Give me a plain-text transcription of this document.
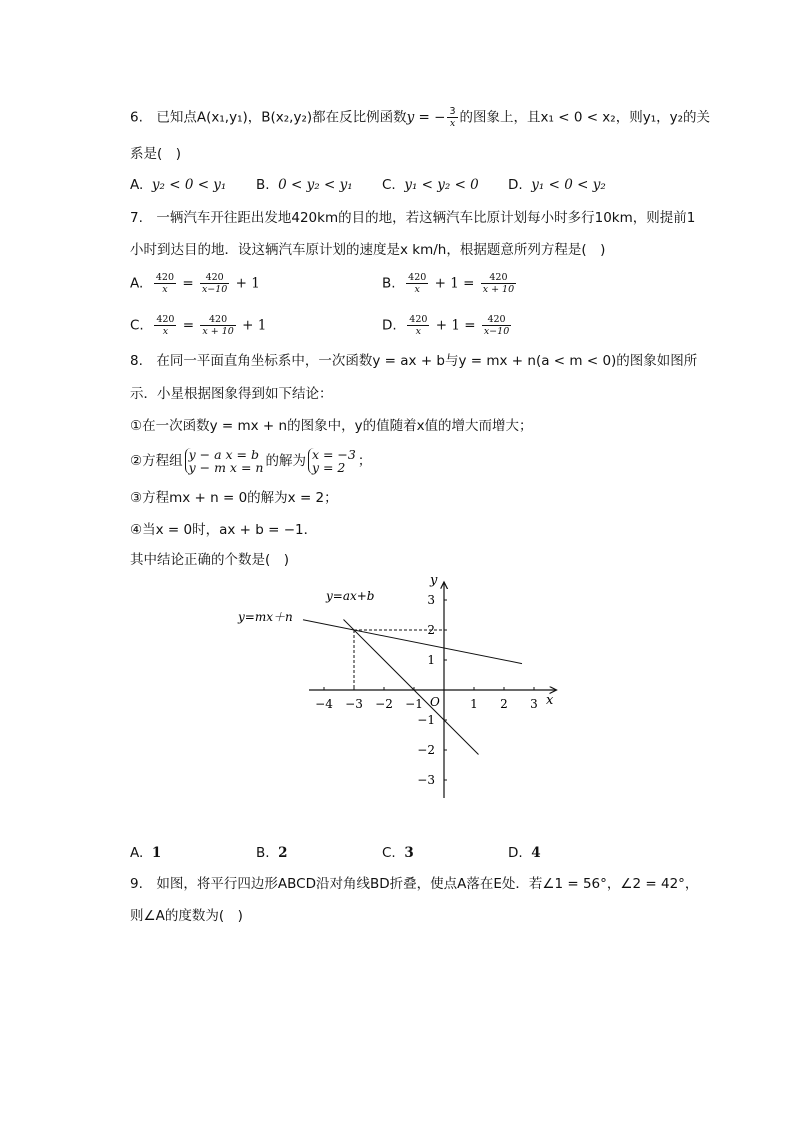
6.　已知点A(x₁,y₁)，B(x₂,y₂)都在反比例函数y = − $\frac{3}{x}$ 的图象上，且x₁ < 0 < x₂，则y₁，y₂的关
系是(　)
A. y₂ < 0 < y₁ B. 0 < y₂ < y₁ C. y₁ < y₂ < 0 D. y₁ < 0 < y₂
7.　一辆汽车开往距出发地420km的目的地，若这辆汽车比原计划每小时多行10km，则提前1
小时到达目的地．设这辆汽车原计划的速度是x km/h，根据题意所列方程是(　)
A. $\frac{420}{x} = \frac{420}{x-10} + 1$	B. $\frac{420}{x} + 1 = \frac{420}{x + 10}$
C. $\frac{420}{x} = \frac{420}{x + 10} + 1$	D. $\frac{420}{x} + 1 = \frac{420}{x-10}$
8.　在同一平面直角坐标系中，一次函数y = ax + b与y = mx + n(a < m < 0)的图象如图所
示．小星根据图象得到如下结论：
①在一次函数y = mx + n的图象中，y的值随着x值的增大而增大；
②方程组 y − a x = b
y − m x = n 的解为 x = −3
y = 2 ；
③方程mx + n = 0的解为x = 2；
④当x = 0时，ax + b = −1．
其中结论正确的个数是(　)
−4 −3 −2 −1	1 2 3
−3
−2
−1
1
2
3
y=ax+b
y=mx＋n
x
y
O
A. 1	B. 2	C. 3	D. 4
9.　如图，将平行四边形ABCD沿对角线BD折叠，使点A落在E处．若∠1 = 56°，∠2 = 42°，
则∠A的度数为(　)
